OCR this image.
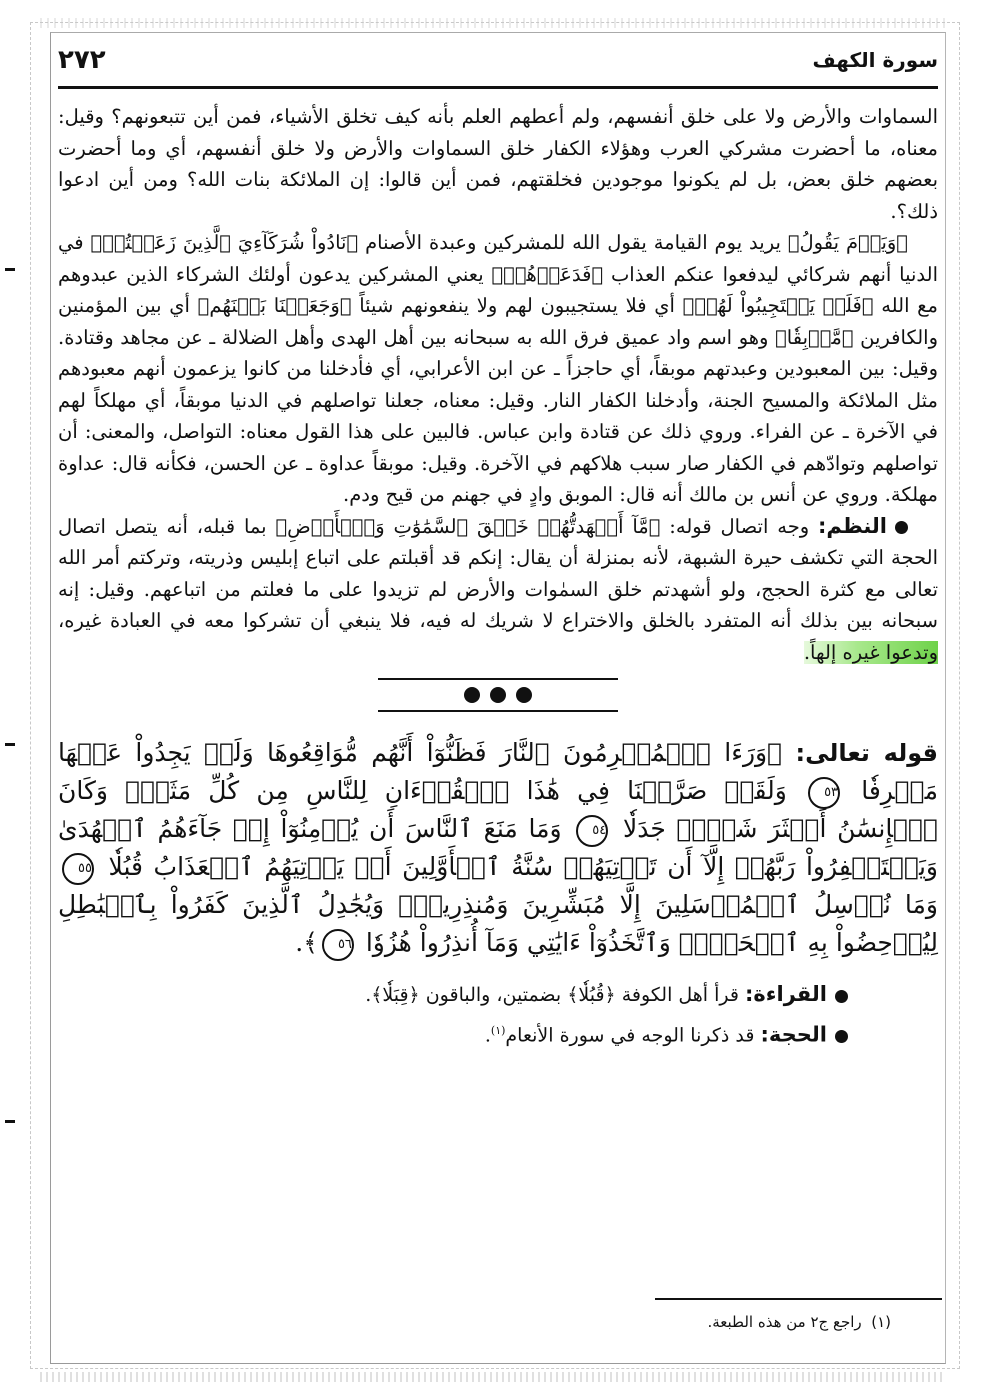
سورة الكهف
٢٧٢

السماوات والأرض ولا على خلق أنفسهم، ولم أعطهم العلم بأنه كيف تخلق الأشياء، فمن أين تتبعونهم؟ وقيل: معناه، ما أحضرت مشركي العرب وهؤلاء الكفار خلق السماوات والأرض ولا خلق أنفسهم، أي وما أحضرت بعضهم خلق بعض، بل لم يكونوا موجودين فخلقتهم، فمن أين قالوا: إن الملائكة بنات الله؟ ومن أين ادعوا ذلك؟.

﴿وَيَوۡمَ يَقُولُ﴾ يريد يوم القيامة يقول الله للمشركين وعبدة الأصنام ﴿نَادُواْ شُرَكَآءِيَ ٱلَّذِينَ زَعَمۡتُمۡ﴾ في الدنيا أنهم شركائي ليدفعوا عنكم العذاب ﴿فَدَعَوۡهُمۡ﴾ يعني المشركين يدعون أولئك الشركاء الذين عبدوهم مع الله ﴿فَلَمۡ يَسۡتَجِيبُواْ لَهُمۡ﴾ أي فلا يستجيبون لهم ولا ينفعونهم شيئاً ﴿وَجَعَلۡنَا بَيۡنَهُم﴾ أي بين المؤمنين والكافرين ﴿مَّوۡبِقٗا﴾ وهو اسم واد عميق فرق الله به سبحانه بين أهل الهدى وأهل الضلالة ـ عن مجاهد وقتادة. وقيل: بين المعبودين وعبدتهم موبقاً، أي حاجزاً ـ عن ابن الأعرابي، أي فأدخلنا من كانوا يزعمون أنهم معبودهم مثل الملائكة والمسيح الجنة، وأدخلنا الكفار النار. وقيل: معناه، جعلنا تواصلهم في الدنيا موبقاً، أي مهلكاً لهم في الآخرة ـ عن الفراء. وروي ذلك عن قتادة وابن عباس. فالبين على هذا القول معناه: التواصل، والمعنى: أن تواصلهم وتوادّهم في الكفار صار سبب هلاكهم في الآخرة. وقيل: موبقاً عداوة ـ عن الحسن، فكأنه قال: عداوة مهلكة. وروي عن أنس بن مالك أنه قال: الموبق وادٍ في جهنم من قيح ودم.

النظم: وجه اتصال قوله: ﴿مَّآ أَشۡهَدتُّهُمۡ خَلۡقَ ٱلسَّمَٰوَٰتِ وَٱلۡأَرۡضِ﴾ بما قبله، أنه يتصل اتصال الحجة التي تكشف حيرة الشبهة، لأنه بمنزلة أن يقال: إنكم قد أقبلتم على اتباع إبليس وذريته، وتركتم أمر الله تعالى مع كثرة الحجج، ولو أشهدتم خلق السمٰوات والأرض لم تزيدوا على ما فعلتم من اتباعهم. وقيل: إنه سبحانه بين بذلك أنه المتفرد بالخلق والاختراع لا شريك له فيه، فلا ينبغي أن تشركوا معه في العبادة غيره، وتدعوا غيره إلهاً.

قوله تعالى: ﴿وَرَءَا ٱلۡمُجۡرِمُونَ ٱلنَّارَ فَظَنُّوٓاْ أَنَّهُم مُّوَاقِعُوهَا وَلَمۡ يَجِدُواْ عَنۡهَا مَصۡرِفٗا ٥٣ وَلَقَدۡ صَرَّفۡنَا فِي هَٰذَا ٱلۡقُرۡءَانِ لِلنَّاسِ مِن كُلِّ مَثَلٖۚ وَكَانَ ٱلۡإِنسَٰنُ أَكۡثَرَ شَيۡءٖ جَدَلٗا ٥٤ وَمَا مَنَعَ ٱلنَّاسَ أَن يُؤۡمِنُوٓاْ إِذۡ جَآءَهُمُ ٱلۡهُدَىٰ وَيَسۡتَغۡفِرُواْ رَبَّهُمۡ إِلَّآ أَن تَأۡتِيَهُمۡ سُنَّةُ ٱلۡأَوَّلِينَ أَوۡ يَأۡتِيَهُمُ ٱلۡعَذَابُ قُبُلٗا ٥٥ وَمَا نُرۡسِلُ ٱلۡمُرۡسَلِينَ إِلَّا مُبَشِّرِينَ وَمُنذِرِينَۚ وَيُجَٰدِلُ ٱلَّذِينَ كَفَرُواْ بِٱلۡبَٰطِلِ لِيُدۡحِضُواْ بِهِ ٱلۡحَقَّۖ وَٱتَّخَذُوٓاْ ءَايَٰتِي وَمَآ أُنذِرُواْ هُزُوٗا ٥٦﴾.

القراءة: قرأ أهل الكوفة ﴿قُبُلٗا﴾ بضمتين، والباقون ﴿قِبَلٗا﴾.

الحجة: قد ذكرنا الوجه في سورة الأنعام$^{(١)}$.

(١)  راجع ج٢ من هذه الطبعة.
